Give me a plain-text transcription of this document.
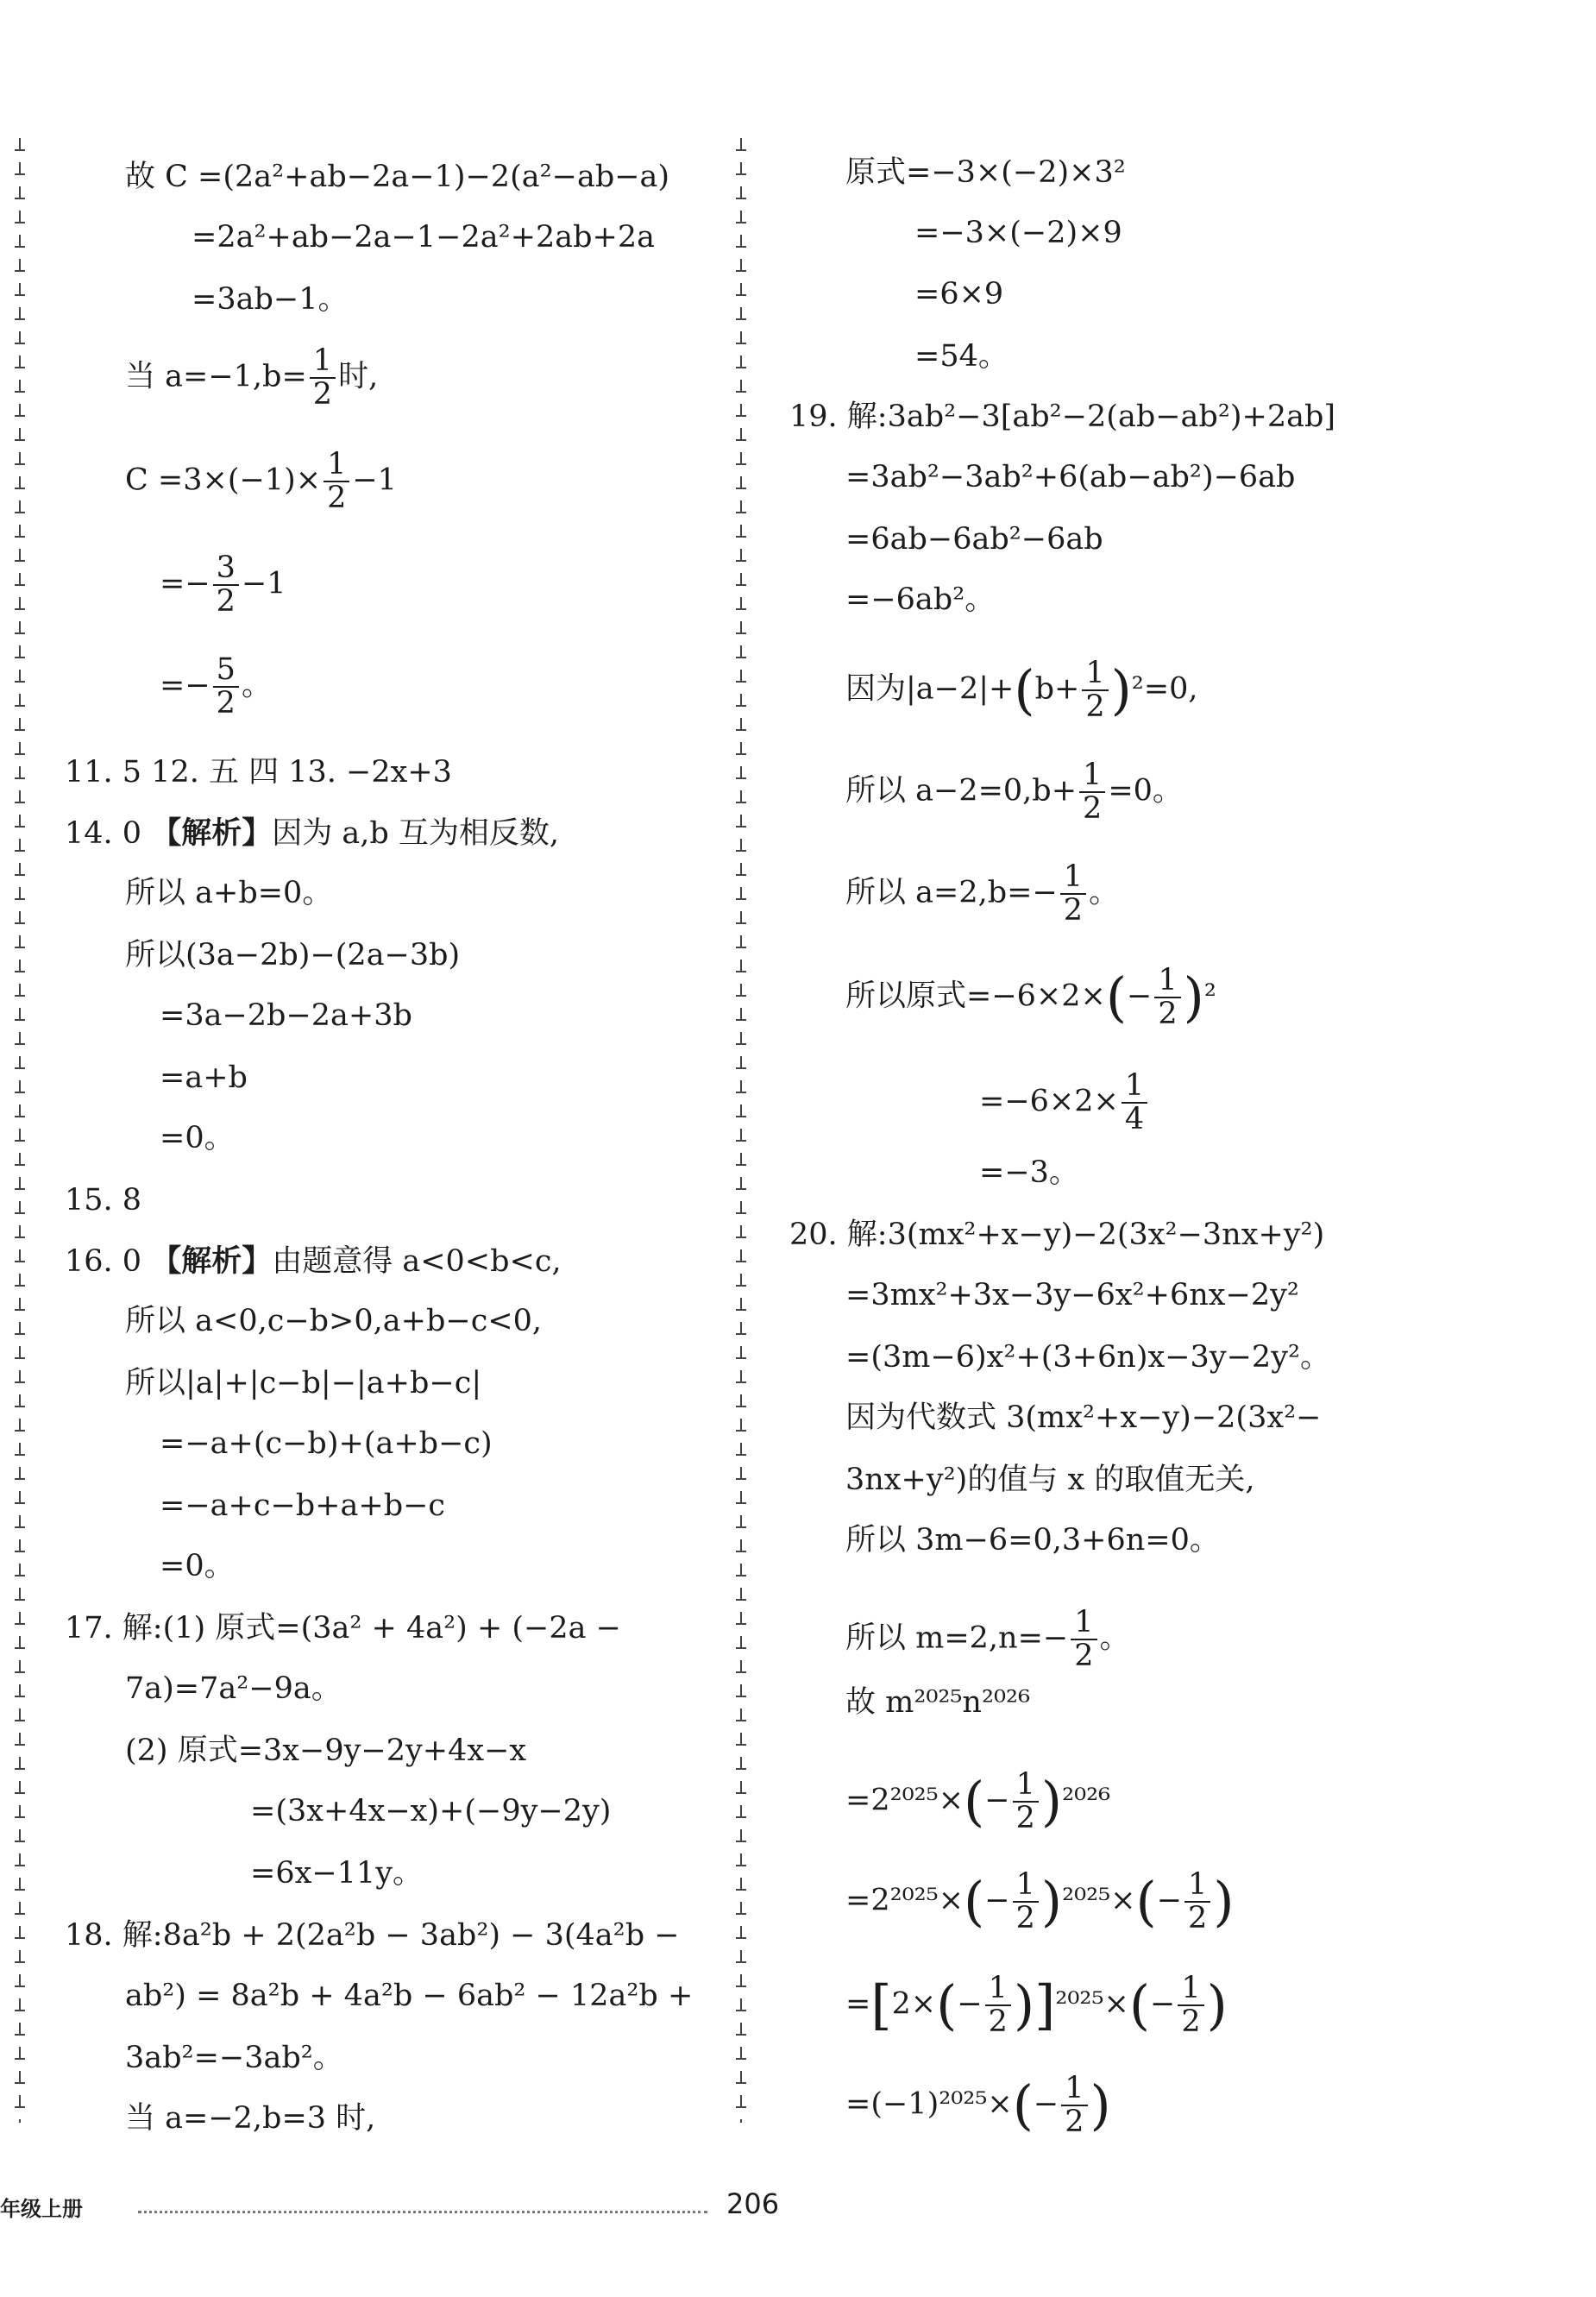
故 C =(2a²+ab−2a−1)−2(a²−ab−a)
=2a²+ab−2a−1−2a²+2ab+2a
=3ab−1。
当 $a=-1,b= \frac{1}{2}$ 时,
$C =3\times(-1)\times \frac{1}{2} -1$
=− $\frac{3}{2} -1$
=− $\frac{5}{2}$ 。
11. 5 12. 五 四 13. −2x+3
14. 0 【解析】因为 a,b 互为相反数,
所以 a+b=0。
所以(3a−2b)−(2a−3b)
=3a−2b−2a+3b
=a+b
=0。
15. 8
16. 0 【解析】由题意得 a<0<b<c,
所以 a<0,c−b>0,a+b−c<0,
所以|a|+|c−b|−|a+b−c|
=−a+(c−b)+(a+b−c)
=−a+c−b+a+b−c
=0。
17. 解:(1) 原式=(3a² + 4a²) + (−2a −
7a)=7a²−9a。
(2) 原式=3x−9y−2y+4x−x
=(3x+4x−x)+(−9y−2y)
=6x−11y。
18. 解:8a²b + 2(2a²b − 3ab²) − 3(4a²b −
ab²) = 8a²b + 4a²b − 6ab² − 12a²b +
3ab²=−3ab²。
当 a=−2,b=3 时,
原式=−3×(−2)×3²
=−3×(−2)×9
=6×9
=54。
19. 解:3ab²−3[ab²−2(ab−ab²)+2ab]
=3ab²−3ab²+6(ab−ab²)−6ab
=6ab−6ab²−6ab
=−6ab²。
因为$|a-2|+(b+ \frac{1}{2} )^2=0$,
所以 $a-2=0,b+ \frac{1}{2} =0$。
所以 $a=2,b=- \frac{1}{2}$ 。
所以原式$=-6\times 2\times(- \frac{1}{2} )^2$
$=-6\times 2\times \frac{1}{4}$
=−3。
20. 解:3(mx²+x−y)−2(3x²−3nx+y²)
=3mx²+3x−3y−6x²+6nx−2y²
=(3m−6)x²+(3+6n)x−3y−2y²。
因为代数式 3(mx²+x−y)−2(3x²−
3nx+y²)的值与 x 的取值无关,
所以 3m−6=0,3+6n=0。
所以 $m=2,n=- \frac{1}{2}$ 。
故 m²⁰²⁵n²⁰²⁶
$=2^{2025}\times(- \frac{1}{2} )^{2026}$
$=2^{2025}\times(- \frac{1}{2} )^{2025}\times(- \frac{1}{2}$ )
$=[2\times(- \frac{1}{2} )]^{2025}\times(- \frac{1}{2}$ )
$=(-1)^{2025}\times(- \frac{1}{2}$ )
年级上册	206
